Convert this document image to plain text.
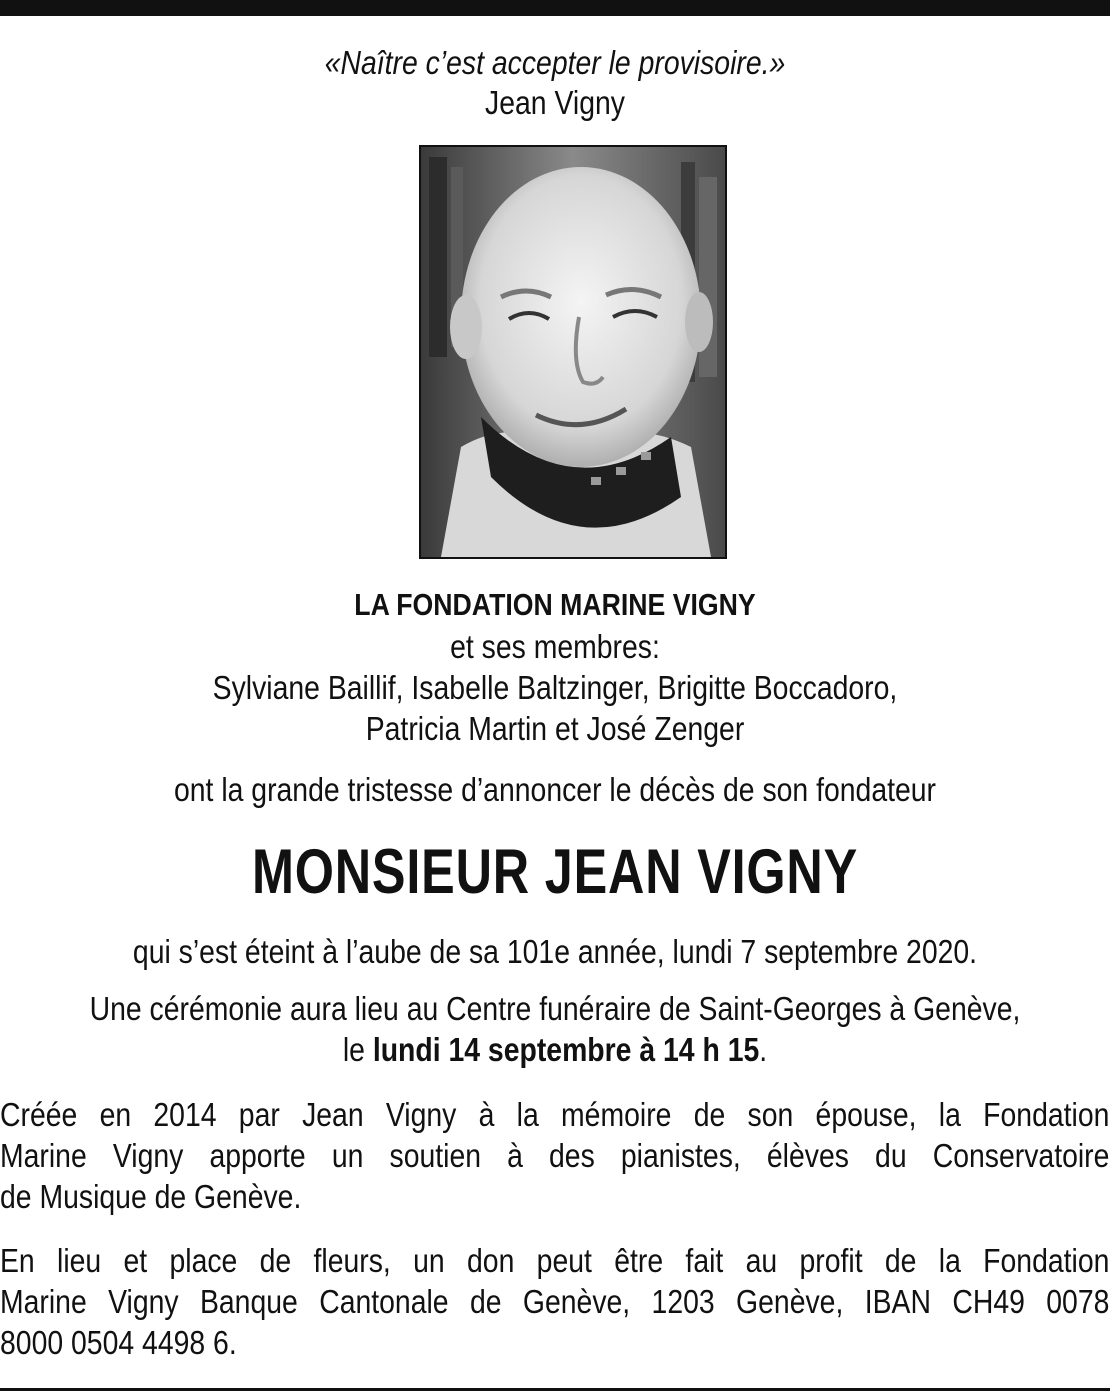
«Naître c’est accepter le provisoire.»
Jean Vigny
LA FONDATION MARINE VIGNY
et ses membres:
Sylviane Baillif, Isabelle Baltzinger, Brigitte Boccadoro,
Patricia Martin et José Zenger
ont la grande tristesse d’annoncer le décès de son fondateur
MONSIEUR JEAN VIGNY
qui s’est éteint à l’aube de sa 101e année, lundi 7 septembre 2020.
Une cérémonie aura lieu au Centre funéraire de Saint-Georges à Genève,
le lundi 14 septembre à 14 h 15.
Créée en 2014 par Jean Vigny à la mémoire de son épouse, la Fondation
Marine Vigny apporte un soutien à des pianistes, élèves du Conservatoire
de Musique de Genève.
En lieu et place de fleurs, un don peut être fait au profit de la Fondation
Marine Vigny Banque Cantonale de Genève, 1203 Genève, IBAN CH49 0078
8000 0504 4498 6.
